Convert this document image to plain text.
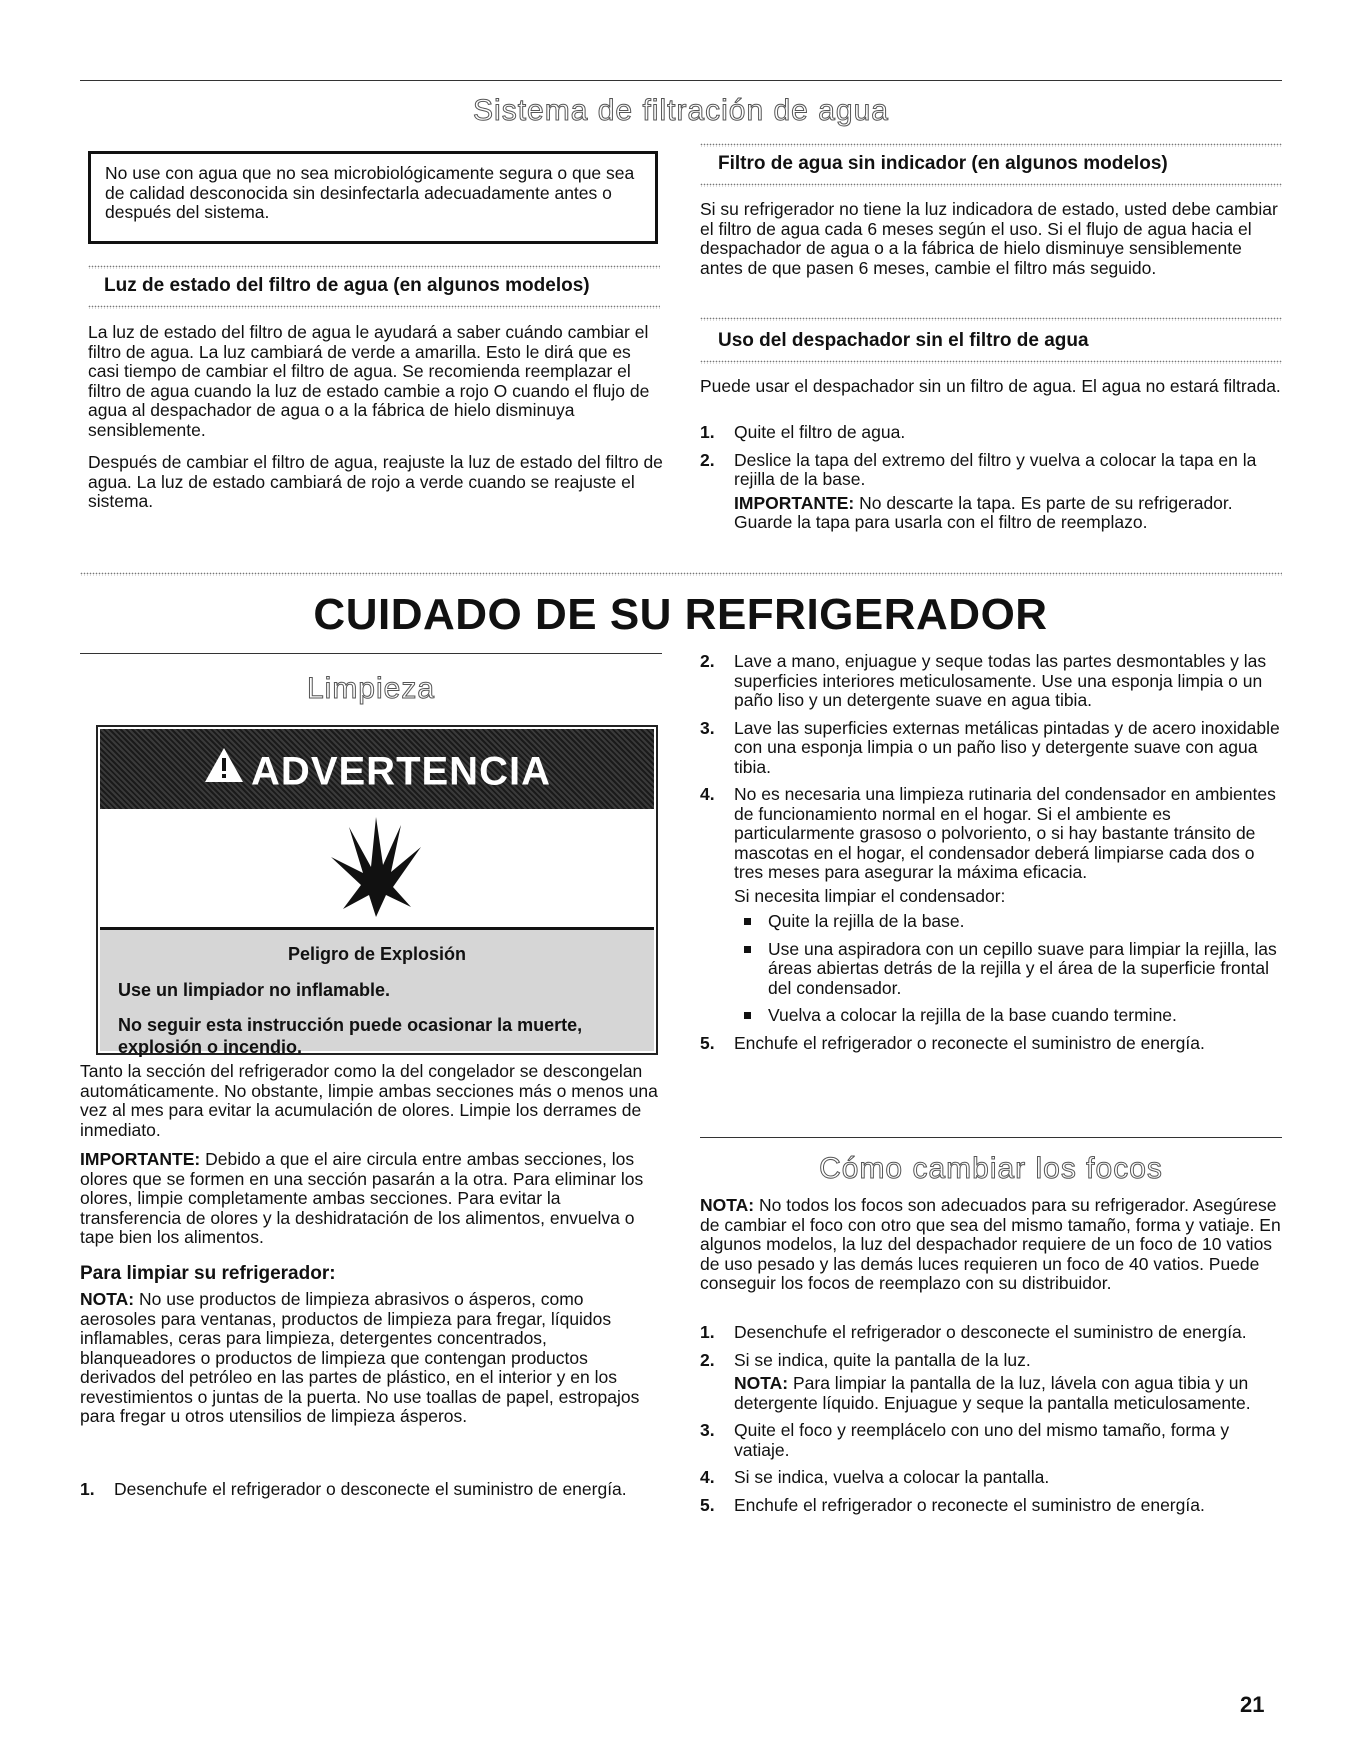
Sistema de filtración de agua

No use con agua que no sea microbiológicamente segura o que sea de calidad desconocida sin desinfectarla adecuadamente antes o después del sistema.

Luz de estado del filtro de agua (en algunos modelos)

La luz de estado del filtro de agua le ayudará a saber cuándo cambiar el filtro de agua. La luz cambiará de verde a amarilla. Esto le dirá que es casi tiempo de cambiar el filtro de agua. Se recomienda reemplazar el filtro de agua cuando la luz de estado cambie a rojo O cuando el flujo de agua al despachador de agua o a la fábrica de hielo disminuya sensiblemente.

Después de cambiar el filtro de agua, reajuste la luz de estado del filtro de agua. La luz de estado cambiará de rojo a verde cuando se reajuste el sistema.

Filtro de agua sin indicador (en algunos modelos)

Si su refrigerador no tiene la luz indicadora de estado, usted debe cambiar el filtro de agua cada 6 meses según el uso. Si el flujo de agua hacia el despachador de agua o a la fábrica de hielo disminuye sensiblemente antes de que pasen 6 meses, cambie el filtro más seguido.

Uso del despachador sin el filtro de agua

Puede usar el despachador sin un filtro de agua. El agua no estará filtrada.

1. Quite el filtro de agua.
2. Deslice la tapa del extremo del filtro y vuelva a colocar la tapa en la rejilla de la base.

IMPORTANTE: No descarte la tapa. Es parte de su refrigerador. Guarde la tapa para usarla con el filtro de reemplazo.

CUIDADO DE SU REFRIGERADOR
Limpieza
ADVERTENCIA
Peligro de Explosión
Use un limpiador no inflamable.
No seguir esta instrucción puede ocasionar la muerte, explosión o incendio.

Tanto la sección del refrigerador como la del congelador se descongelan automáticamente. No obstante, limpie ambas secciones más o menos una vez al mes para evitar la acumulación de olores. Limpie los derrames de inmediato.

IMPORTANTE: Debido a que el aire circula entre ambas secciones, los olores que se formen en una sección pasarán a la otra. Para eliminar los olores, limpie completamente ambas secciones. Para evitar la transferencia de olores y la deshidratación de los alimentos, envuelva o tape bien los alimentos.

Para limpiar su refrigerador:

NOTA: No use productos de limpieza abrasivos o ásperos, como aerosoles para ventanas, productos de limpieza para fregar, líquidos inflamables, ceras para limpieza, detergentes concentrados, blanqueadores o productos de limpieza que contengan productos derivados del petróleo en las partes de plástico, en el interior y en los revestimientos o juntas de la puerta. No use toallas de papel, estropajos para fregar u otros utensilios de limpieza ásperos.

1. Desenchufe el refrigerador o desconecte el suministro de energía.
2. Lave a mano, enjuague y seque todas las partes desmontables y las superficies interiores meticulosamente. Use una esponja limpia o un paño liso y un detergente suave en agua tibia.
3. Lave las superficies externas metálicas pintadas y de acero inoxidable con una esponja limpia o un paño liso y detergente suave con agua tibia.
4. No es necesaria una limpieza rutinaria del condensador en ambientes de funcionamiento normal en el hogar. Si el ambiente es particularmente grasoso o polvoriento, o si hay bastante tránsito de mascotas en el hogar, el condensador deberá limpiarse cada dos o tres meses para asegurar la máxima eficacia.

Si necesita limpiar el condensador:

Quite la rejilla de la base.
Use una aspiradora con un cepillo suave para limpiar la rejilla, las áreas abiertas detrás de la rejilla y el área de la superficie frontal del condensador.
Vuelva a colocar la rejilla de la base cuando termine.
5. Enchufe el refrigerador o reconecte el suministro de energía.
Cómo cambiar los focos

NOTA: No todos los focos son adecuados para su refrigerador. Asegúrese de cambiar el foco con otro que sea del mismo tamaño, forma y vatiaje. En algunos modelos, la luz del despachador requiere de un foco de 10 vatios de uso pesado y las demás luces requieren un foco de 40 vatios. Puede conseguir los focos de reemplazo con su distribuidor.

1. Desenchufe el refrigerador o desconecte el suministro de energía.
2. Si se indica, quite la pantalla de la luz.

NOTA: Para limpiar la pantalla de la luz, lávela con agua tibia y un detergente líquido. Enjuague y seque la pantalla meticulosamente.

3. Quite el foco y reemplácelo con uno del mismo tamaño, forma y vatiaje.
4. Si se indica, vuelva a colocar la pantalla.
5. Enchufe el refrigerador o reconecte el suministro de energía.
21
